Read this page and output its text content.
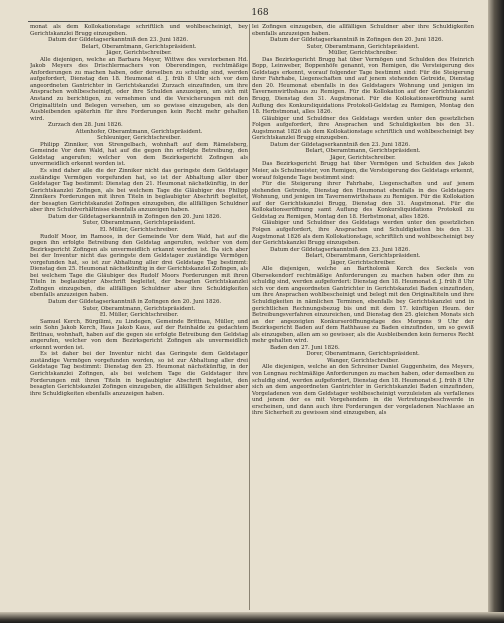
168

monat als dem Kollokationstage schriftlich und wohlbescheinigt, bey Gerichtskanzlei Brugg einzugeben.

Datum der Gildetagserkanntniß den 23. Juni 1826.

Belart, Oberamtmann, Gerichtspräsident.

Jäger, Gerichtschreiber.

Alle diejenigen, welche an Barbara Meyer, Wittwe des verstorbenen Hd. Jakob Meyers des Drischlermachers von Oberendingen, rechtmäßige Anforderungen zu machen haben, oder derselben zu schuldig sind, werden aufgefordert, Dienstag den 18. Heumonat d. J. früh 8 Uhr sich vor dem angeordneten Gantrichter in Gerichtskanzlei Zurzach einzufinden, um ihre Ansprachen wohlbescheinigt, oder ihre Schulden anzuzeigen, um sich mit Anstand zu berichtigen, zu vernehmen und die Versicherungen mit den Originaltiteln und Belegen versehen, um so gewisse einzugeben, als den Ausbleibenden späterhin für ihre Forderungen kein Recht mehr gehalten wird.

Zurzach den 28. Juni 1826.

Attenhofer, Oberamtmann, Gerichtspräsident.

Schleuniger, Gerichtschreiber.

Philipp Zinniker, von Strengelbach, wohnhaft auf dem Rämelsberg, Gemeinde Vor dem Wald, hat auf die gegen ihn erfolgte Betreibung, den Geldstag angerufen; welcher von dem Bezirksgericht Zofingen als unvermeidlich erkennt worden ist.

Es sind daher alle die der Zinniker nicht das geringste dem Geldstager zuständige Vermögen vorgefunden hat, so ist der Abhaltung aller über Geldstager Tag bestimmt: Dienstag den 21. Heumonat nächstkünftig, in der Gerichtskanzlei Zofingen, als bei welchem Tage die Gläubiger des Philipp Zinnikers Forderungen mit ihren Titeln in beglaubigter Abschrift begleitet, der besagten Gerichtskanzlei Zofingen einzugeben, die allfälligen Schuldner aber ihre Schuldverhältnisse ebenfalls anzuzeigen haben.

Datum der Gildetagserkanntniß in Zofingen den 20. Juni 1826.

Suter, Oberamtmann, Gerichtspräsident.

El. Müller, Gerichtschreiber.

Rudolf Moor, im Ramoos, in der Gemeinde Vor dem Wald, hat auf die gegen ihn erfolgte Betreibung den Geldstag angerufen, welcher von dem Bezirksgericht Zofingen als unvermeidlich erkannt worden ist. Da sich aber bei der Inventur nicht das geringste dem Geldstager zuständige Vermögen vorgefunden hat, so ist zur Abhaltung aller drei Geldstage Tag bestimmt: Dienstag den 25. Heumonat nächstkünftig in der Gerichtskanzlei Zofingen, als bei welchem Tage die Gläubiger des Rudolf Moors Forderungen mit ihren Titeln in beglaubigter Abschrift begleitet, der besagten Gerichtskanzlei Zofingen einzugeben, die allfälligen Schuldner aber ihre Schuldigkeiten ebenfalls anzuzeigen haben.

Datum der Gildetagserkanntniß in Zofingen den 20. Juni 1826.

Suter, Oberamtmann, Gerichtspräsident.

El. Müller, Gerichtschreiber.

Samuel Kerch, Bürgilimi, zu Lindegen, Gemeinde Brittnau, Müller, und sein Sohn Jakob Kerch, Haus Jakob Kaus, auf der Reinhalde zu gedachtem Brittnau, wohnhaft, haben auf die gegen sie erfolgte Betreibung den Geldstag angerufen, welcher von dem Bezirksgericht Zofingen als unvermeidlich erkennt worden ist.

Es ist daher bei der Inventur nicht das Geringste dem Geldstager zuständige Vermögen vorgefunden worden, so ist zur Abhaltung aller drei Geldstage Tag bestimmt: Dienstag den 25. Heumonat nächstkünftig, in der Gerichtskanzlei Zofingen, als bei welchem Tage die Geldstager ihre Forderungen mit ihren Titeln in beglaubigter Abschrift begleitet, den besagten Gerichtskanzlei Zofingen einzugeben, die allfälligen Schuldner aber ihre Schuldigkeiten ebenfalls anzuzeigen haben.

lei Zofingen einzugeben, die allfälligen Schuldner aber ihre Schuldigkeiten ebenfalls anzuzeigen haben.

Datum der Gildetagserkanntniß in Zofingen den 20. Juni 1826.

Suter, Oberamtmann, Gerichtspräsident.

Müller, Gerichtschreiber.

Das Bezirksgericht Brugg hat über Vermögen und Schulden des Heinrich Bopp, Leinweber, Boppenhöfe genannt, von Remigen, die Versteigerung des Geldstags erkennt, worauf folgender Tage bestimmt sind: Für die Steigerung ihrer Fahrhabe, Liegenschaften und auf jenem stehenden Getreide, Dienstag den 20. Heumonat ebenfalls in des Geldstagers Wohnung und jenigen im Tavernenwirthshaus zu Remigen. Für die Kollokation auf der Gerichtskanzlei Brugg, Dienstag den 31. Augstmonat. Für die Kollokationseröffnung samt Auflung des Konkursliquidations Protokoll-Geldstag zu Remigen, Montag den 18. Herbstmonat, alles 1826.

Gläubiger und Schuldner des Geldstags werden unter den gesetzlichen Folgen aufgefordert, ihre Ansprachen und Schuldigkeiten bis den 31. Augstmonat 1826 als dem Kollokationstage schriftlich und wohlbescheinigt bey Gerichtskanzlei Brugg einzugeben.

Datum der Gildetagserkanntniß den 23. Juni 1826.

Belart, Oberamtmann, Gerichtspräsident.

Jäger, Gerichtschreiber.

Das Bezirksgericht Brugg hat über Vermögen und Schulden des Jakob Meier, als Schulmeister, von Remigen, die Versteigerung des Geldstags erkennt, worauf folgende Tage bestimmt sind:

Für die Steigerung ihrer Fahrhabe, Liegenschaften und auf jenem stehenden Getreide, Dienstag den Heumonat ebenfalls in des Geldstagers Wohnung, und jenigen im Tavernenwirthshaus zu Remigen. Für die Kollokation auf der Gerichtskanzlei Brugg, Dienstag den 31. Augstmonat. Für die Kollokationseröffnung samt Auflung des Konkursliquidations Protokoll zu Geldstag zu Remigen, Montag den 18. Herbstmonat, alles 1826.

Gläubiger und Schuldner des Geldstags werden unter den gesetzlichen Folgen aufgefordert, ihre Ansprachen und Schuldigkeiten bis den 31. Augstmonat 1826 als dem Kollokationstage, schriftlich und wohlbescheinigt bey der Gerichtskanzlei Brugg einzugeben.

Datum der Gildetagserkanntniß den 23. Juni 1826.

Belart, Oberamtmann, Gerichtspräsident.

Jäger, Gerichtschreiber.

Alle diejenigen, welche an Bartholomä Kerch des Seckels von Obersekendorf rechtmäßige Anforderungen zu machen haben oder ihm zu schuldig sind, werden aufgefordert: Dienstag den 18. Heumonat d. J. früh 8 Uhr sich vor dem angeordneten Gantrichter in Gerichtskanzlei Baden einzufinden, um ihre Ansprachen wohlbescheinigt und belegt mit den Originaltiteln und ihre Schuldigkeiten in nämlichen Terminen, ebenfalls bey Gerichtskanzlei und in gerichtlichen Rechnungsbezug bis und mit dem 17. künftigen Heum. der Betreibungsverfahren einzureichen, und Dienstag den 25. gleichen Monats sich an der angezeigten Konkurseröffnungstage des Morgens 9 Uhr der Bezirksgericht Baden auf dem Rathhause zu Baden einzufinden, um so gewiß als einzugeben, allen am so gewisser, als die Ausbleibenden kein ferneres Recht mehr gehalten wird.

Baden den 27. Juni 1826.

Dorer, Oberamtmann, Gerichtspräsident.

Wanger, Gerichtschreiber.

Alle diejenigen, welche an den Schreiner Daniel Guggenheim, des Meyers, von Lengnau rechtmäßige Anforderungen zu machen haben, oder demselben zu schuldig sind, werden aufgefordert, Dienstag den 18. Heumonat d. J. früh 8 Uhr sich an dem angeordneten Gantrichter in Gerichtskanzlei Baden einzufinden, Vorgeladenen von dem Geldstager wohlbescheinigt vorzuleisten als verfallenes und jenem der es mit Vorgehendem in die Vertretungsbeschwerde in erscheinen, und dann auch ihre Forderungen der vorgeladenen Nachlasse an ihre Sicherheit zu gewissen sind einzugeben, als
